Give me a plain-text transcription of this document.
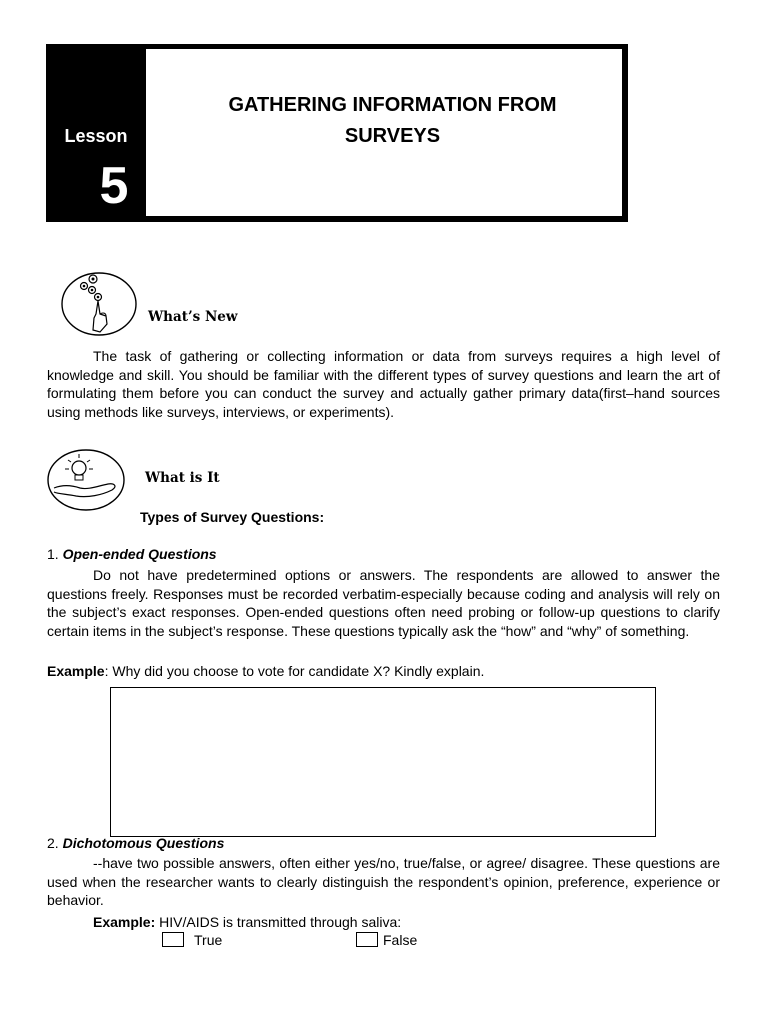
Lesson
5
GATHERING INFORMATION FROM
SURVEYS
What’s New
The task of gathering or collecting information or data from surveys requires a high level of knowledge and skill. You should be familiar with the different types of survey questions and learn the art of formulating them before you can conduct the survey and actually gather primary data(first–hand sources using methods like surveys, interviews, or experiments).
What is It
Types of Survey Questions:
1. Open-ended Questions
Do not have predetermined options or answers. The respondents are allowed to answer the questions freely. Responses must be recorded verbatim-especially because coding and analysis will rely on the subject’s exact responses. Open-ended questions often need probing or follow-up questions to clarify certain items in the subject’s response. These questions typically ask the “how” and “why” of something.
Example: Why did you choose to vote for candidate X? Kindly explain.
2. Dichotomous Questions
--have two possible answers, often either yes/no, true/false, or agree/ disagree. These questions are used when the researcher wants to clearly distinguish the respondent’s opinion, preference, experience or behavior.
Example: HIV/AIDS is transmitted through saliva:
True	False
